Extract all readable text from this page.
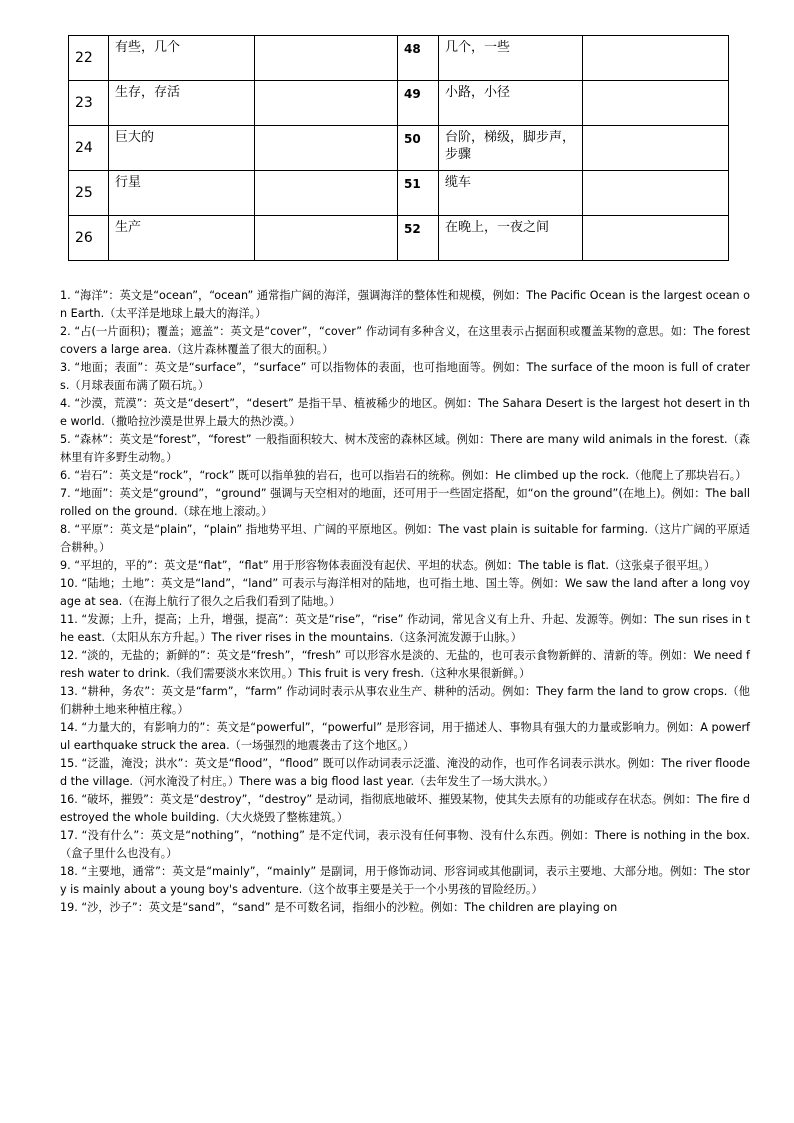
22	有些，几个		48	几个，一些	
23	生存，存活		49	小路，小径	
24	巨大的		50	台阶，梯级，脚步声，步骤	
25	行星		51	缆车	
26	生产		52	在晚上，一夜之间	

1. “海洋”：英文是“ocean”，“ocean” 通常指广阔的海洋，强调海洋的整体性和规模，例如：The Pacific Ocean is the largest ocean on Earth.（太平洋是地球上最大的海洋。）

2. “占(一片面积)；覆盖；遮盖”：英文是“cover”，“cover” 作动词有多种含义，在这里表示占据面积或覆盖某物的意思。如：The forest covers a large area.（这片森林覆盖了很大的面积。）

3. “地面；表面”：英文是“surface”，“surface” 可以指物体的表面，也可指地面等。例如：The surface of the moon is full of craters.（月球表面布满了陨石坑。）

4. “沙漠，荒漠”：英文是“desert”，“desert” 是指干旱、植被稀少的地区。例如：The Sahara Desert is the largest hot desert in the world.（撒哈拉沙漠是世界上最大的热沙漠。）

5. “森林”：英文是“forest”，“forest” 一般指面积较大、树木茂密的森林区域。例如：There are many wild animals in the forest.（森林里有许多野生动物。）

6. “岩石”：英文是“rock”，“rock” 既可以指单独的岩石，也可以指岩石的统称。例如：He climbed up the rock.（他爬上了那块岩石。）

7. “地面”：英文是“ground”，“ground” 强调与天空相对的地面，还可用于一些固定搭配，如“on the ground”(在地上)。例如：The ball rolled on the ground.（球在地上滚动。）

8. “平原”：英文是“plain”，“plain” 指地势平坦、广阔的平原地区。例如：The vast plain is suitable for farming.（这片广阔的平原适合耕种。）

9. “平坦的，平的”：英文是“flat”，“flat” 用于形容物体表面没有起伏、平坦的状态。例如：The table is flat.（这张桌子很平坦。）

10. “陆地；土地”：英文是“land”，“land” 可表示与海洋相对的陆地，也可指土地、国土等。例如：We saw the land after a long voyage at sea.（在海上航行了很久之后我们看到了陆地。）

11. “发源；上升，提高；上升，增强，提高”：英文是“rise”，“rise” 作动词，常见含义有上升、升起、发源等。例如：The sun rises in the east.（太阳从东方升起。）The river rises in the mountains.（这条河流发源于山脉。）

12. “淡的，无盐的；新鲜的”：英文是“fresh”，“fresh” 可以形容水是淡的、无盐的，也可表示食物新鲜的、清新的等。例如：We need fresh water to drink.（我们需要淡水来饮用。）This fruit is very fresh.（这种水果很新鲜。）

13. “耕种，务农”：英文是“farm”，“farm” 作动词时表示从事农业生产、耕种的活动。例如：They farm the land to grow crops.（他们耕种土地来种植庄稼。）

14. “力量大的，有影响力的”：英文是“powerful”，“powerful” 是形容词，用于描述人、事物具有强大的力量或影响力。例如：A powerful earthquake struck the area.（一场强烈的地震袭击了这个地区。）

15. “泛滥，淹没；洪水”：英文是“flood”，“flood” 既可以作动词表示泛滥、淹没的动作，也可作名词表示洪水。例如：The river flooded the village.（河水淹没了村庄。）There was a big flood last year.（去年发生了一场大洪水。）

16. “破坏，摧毁”：英文是“destroy”，“destroy” 是动词，指彻底地破坏、摧毁某物，使其失去原有的功能或存在状态。例如：The fire destroyed the whole building.（大火烧毁了整栋建筑。）

17. “没有什么”：英文是“nothing”，“nothing” 是不定代词，表示没有任何事物、没有什么东西。例如：There is nothing in the box.（盒子里什么也没有。）

18. “主要地，通常”：英文是“mainly”，“mainly” 是副词，用于修饰动词、形容词或其他副词，表示主要地、大部分地。例如：The story is mainly about a young boy's adventure.（这个故事主要是关于一个小男孩的冒险经历。）

19. “沙，沙子”：英文是“sand”，“sand” 是不可数名词，指细小的沙粒。例如：The children are playing on
